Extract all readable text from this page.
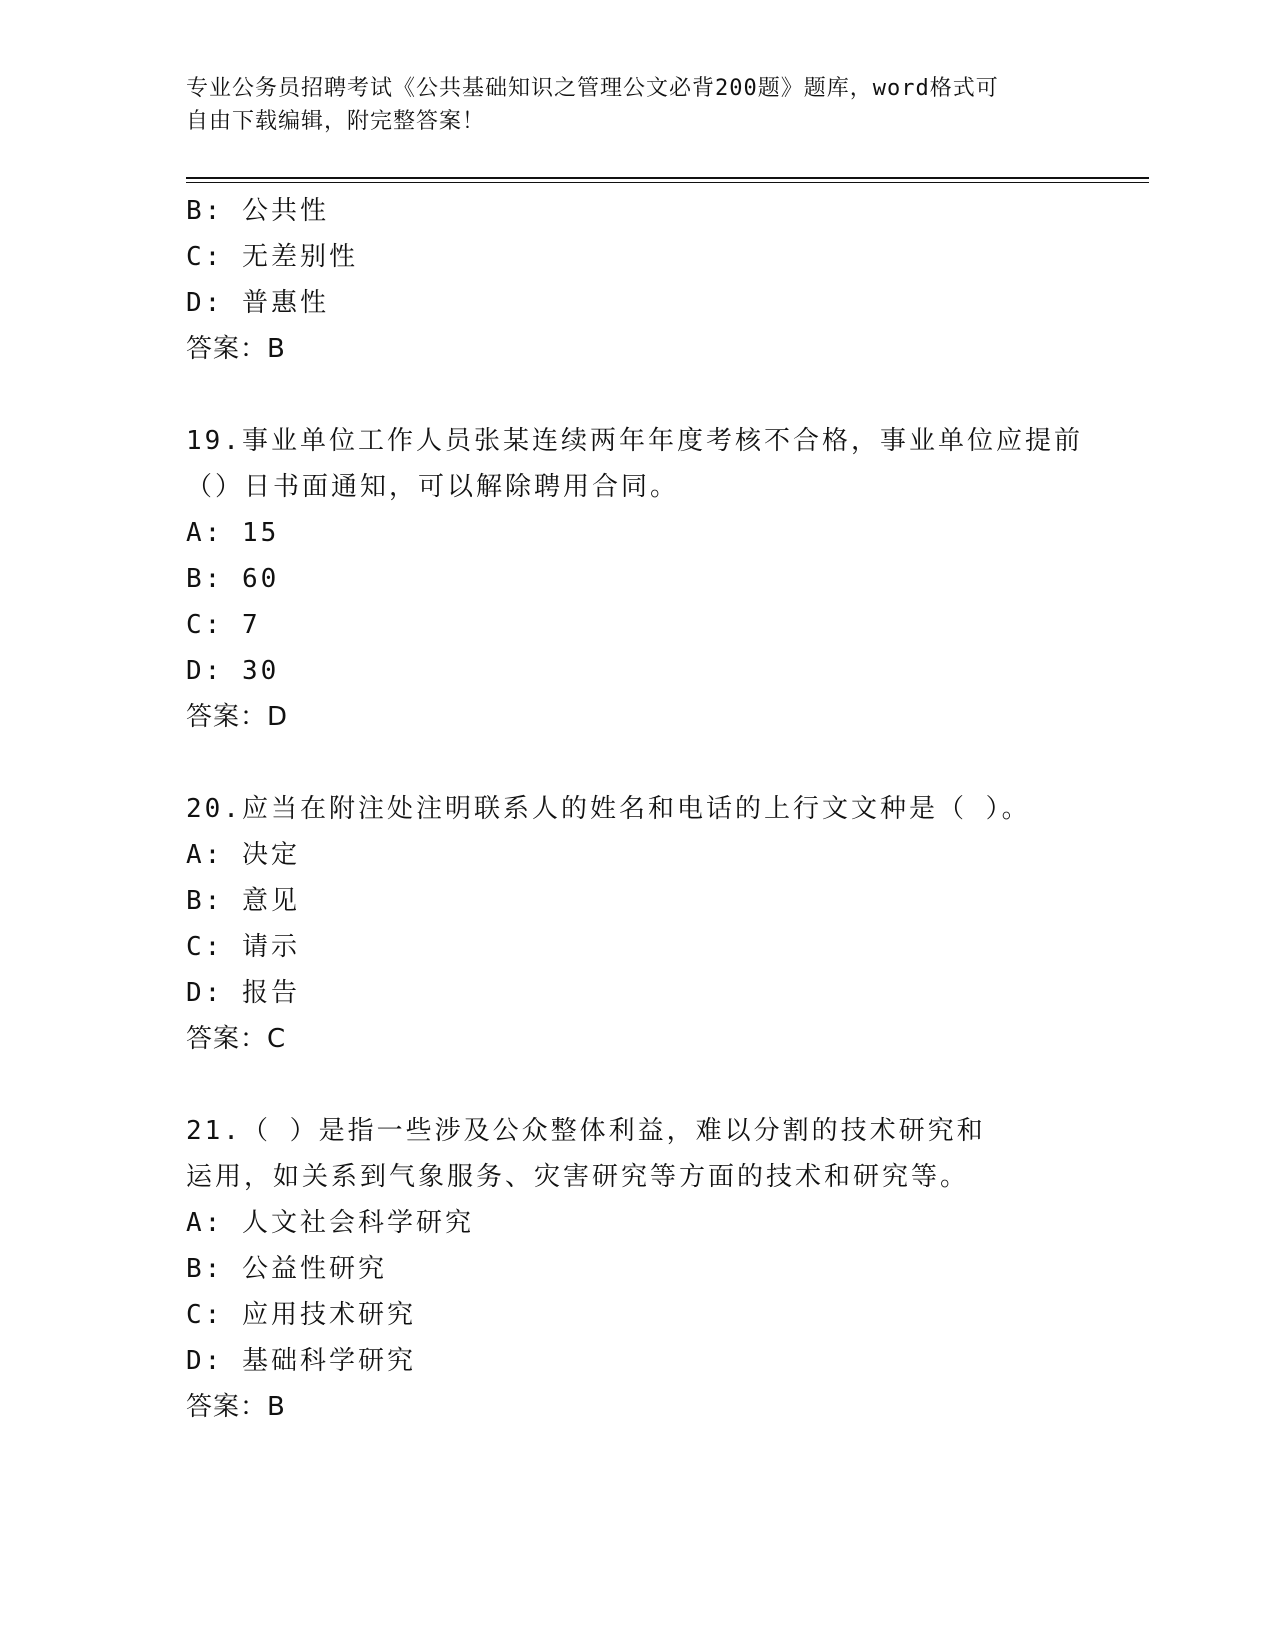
专业公务员招聘考试《公共基础知识之管理公文必背200题》题库，word格式可
自由下载编辑，附完整答案！
B: 公共性
C: 无差别性
D: 普惠性
答案：B
19.事业单位工作人员张某连续两年年度考核不合格，事业单位应提前
（）日书面通知，可以解除聘用合同。
A: 15
B: 60
C: 7
D: 30
答案：D
20.应当在附注处注明联系人的姓名和电话的上行文文种是（ ）。
A: 决定
B: 意见
C: 请示
D: 报告
答案：C
21.（ ）是指一些涉及公众整体利益，难以分割的技术研究和
运用，如关系到气象服务、灾害研究等方面的技术和研究等。
A: 人文社会科学研究
B: 公益性研究
C: 应用技术研究
D: 基础科学研究
答案：B
